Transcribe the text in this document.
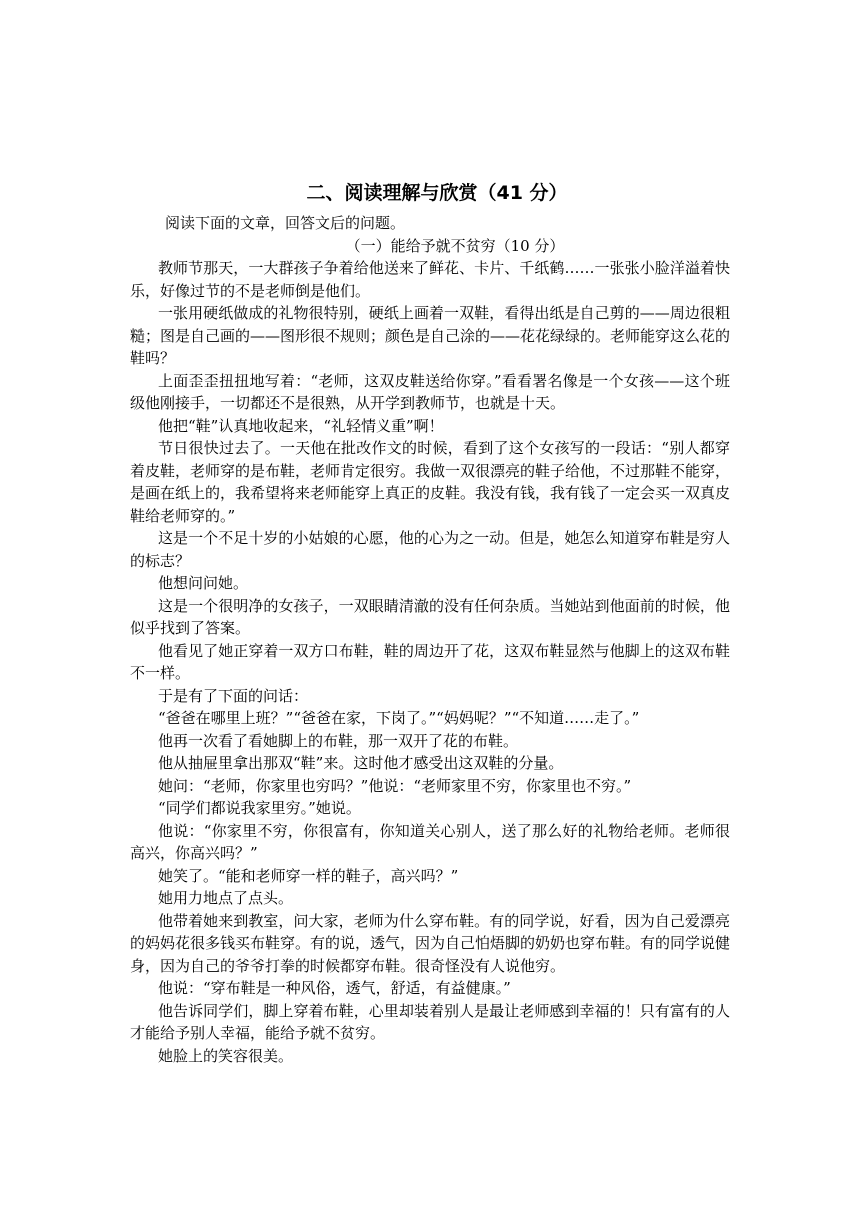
二、阅读理解与欣赏（41 分）

阅读下面的文章，回答文后的问题。

（一）能给予就不贫穷（10 分）

教师节那天，一大群孩子争着给他送来了鲜花、卡片、千纸鹤……一张张小脸洋溢着快乐，好像过节的不是老师倒是他们。

一张用硬纸做成的礼物很特别，硬纸上画着一双鞋，看得出纸是自己剪的——周边很粗糙；图是自己画的——图形很不规则；颜色是自己涂的——花花绿绿的。老师能穿这么花的鞋吗？

上面歪歪扭扭地写着：“老师，这双皮鞋送给你穿。”看看署名像是一个女孩——这个班级他刚接手，一切都还不是很熟，从开学到教师节，也就是十天。

他把“鞋”认真地收起来，“礼轻情义重”啊！

节日很快过去了。一天他在批改作文的时候，看到了这个女孩写的一段话：“别人都穿着皮鞋，老师穿的是布鞋，老师肯定很穷。我做一双很漂亮的鞋子给他，不过那鞋不能穿，是画在纸上的，我希望将来老师能穿上真正的皮鞋。我没有钱，我有钱了一定会买一双真皮鞋给老师穿的。”

这是一个不足十岁的小姑娘的心愿，他的心为之一动。但是，她怎么知道穿布鞋是穷人的标志？

他想问问她。

这是一个很明净的女孩子，一双眼睛清澈的没有任何杂质。当她站到他面前的时候，他似乎找到了答案。

他看见了她正穿着一双方口布鞋，鞋的周边开了花，这双布鞋显然与他脚上的这双布鞋不一样。

于是有了下面的问话：

“爸爸在哪里上班？”“爸爸在家，下岗了。”“妈妈呢？”“不知道……走了。”

他再一次看了看她脚上的布鞋，那一双开了花的布鞋。

他从抽屉里拿出那双“鞋”来。这时他才感受出这双鞋的分量。

她问：“老师，你家里也穷吗？”他说：“老师家里不穷，你家里也不穷。”

“同学们都说我家里穷。”她说。

他说：“你家里不穷，你很富有，你知道关心别人，送了那么好的礼物给老师。老师很高兴，你高兴吗？”

她笑了。“能和老师穿一样的鞋子，高兴吗？”

她用力地点了点头。

他带着她来到教室，问大家，老师为什么穿布鞋。有的同学说，好看，因为自己爱漂亮的妈妈花很多钱买布鞋穿。有的说，透气，因为自己怕焐脚的奶奶也穿布鞋。有的同学说健身，因为自己的爷爷打拳的时候都穿布鞋。很奇怪没有人说他穷。

他说：“穿布鞋是一种风俗，透气，舒适，有益健康。”

他告诉同学们，脚上穿着布鞋，心里却装着别人是最让老师感到幸福的！只有富有的人才能给予别人幸福，能给予就不贫穷。

她脸上的笑容很美。
